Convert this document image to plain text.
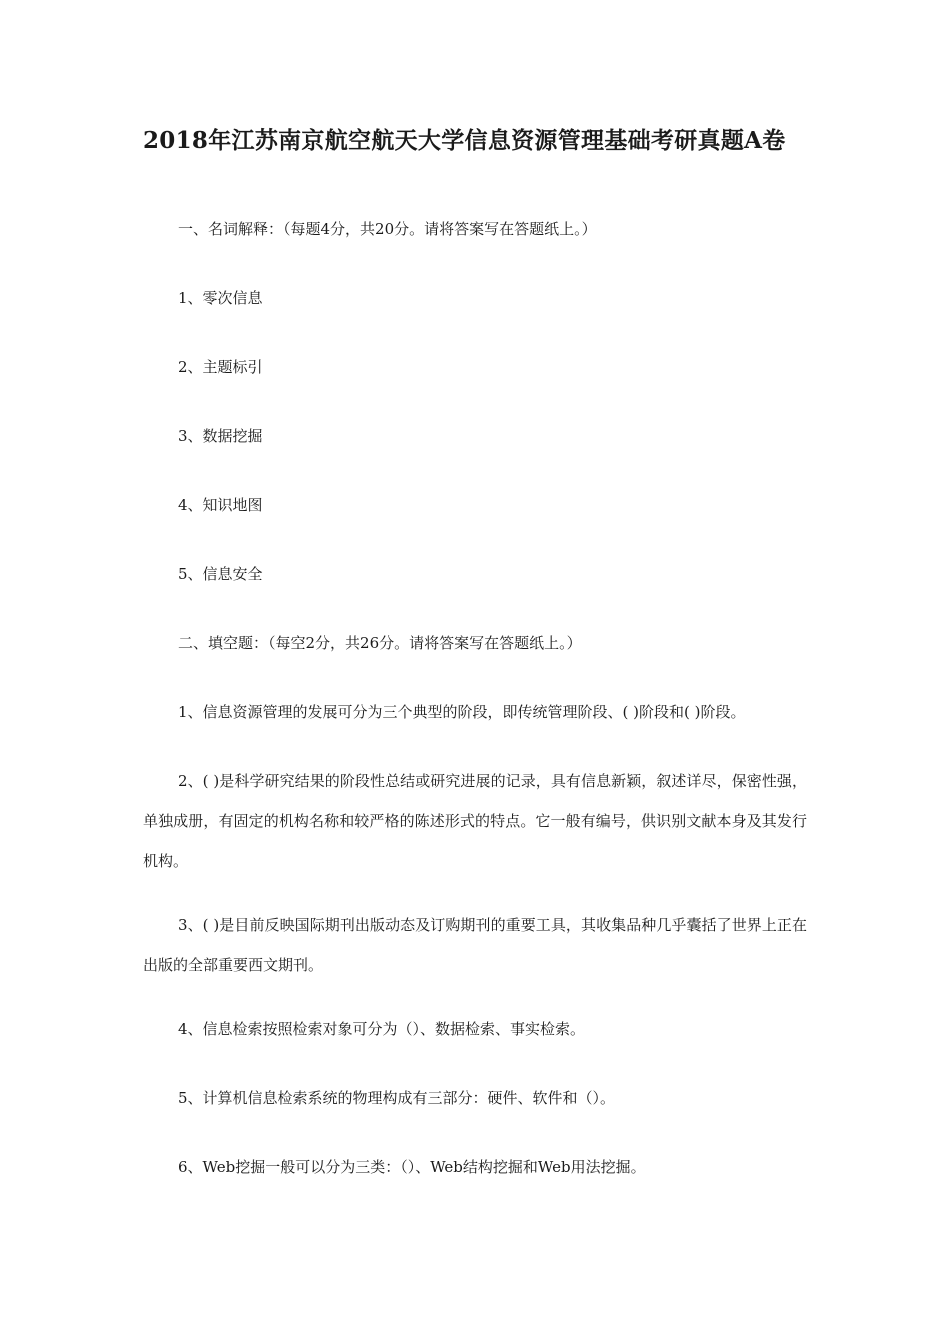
2018年江苏南京航空航天大学信息资源管理基础考研真题A卷

一、名词解释：（每题4分，共20分。请将答案写在答题纸上。）

1、零次信息

2、主题标引

3、数据挖掘

4、知识地图

5、信息安全

二、填空题：（每空2分，共26分。请将答案写在答题纸上。）

1、信息资源管理的发展可分为三个典型的阶段，即传统管理阶段、( )阶段和( )阶段。

2、( )是科学研究结果的阶段性总结或研究进展的记录，具有信息新颖，叙述详尽，保密性强，单独成册，有固定的机构名称和较严格的陈述形式的特点。它一般有编号，供识别文献本身及其发行机构。

3、( )是目前反映国际期刊出版动态及订购期刊的重要工具，其收集品种几乎囊括了世界上正在出版的全部重要西文期刊。

4、信息检索按照检索对象可分为（）、数据检索、事实检索。

5、计算机信息检索系统的物理构成有三部分：硬件、软件和（）。

6、Web挖掘一般可以分为三类：（）、Web结构挖掘和Web用法挖掘。
